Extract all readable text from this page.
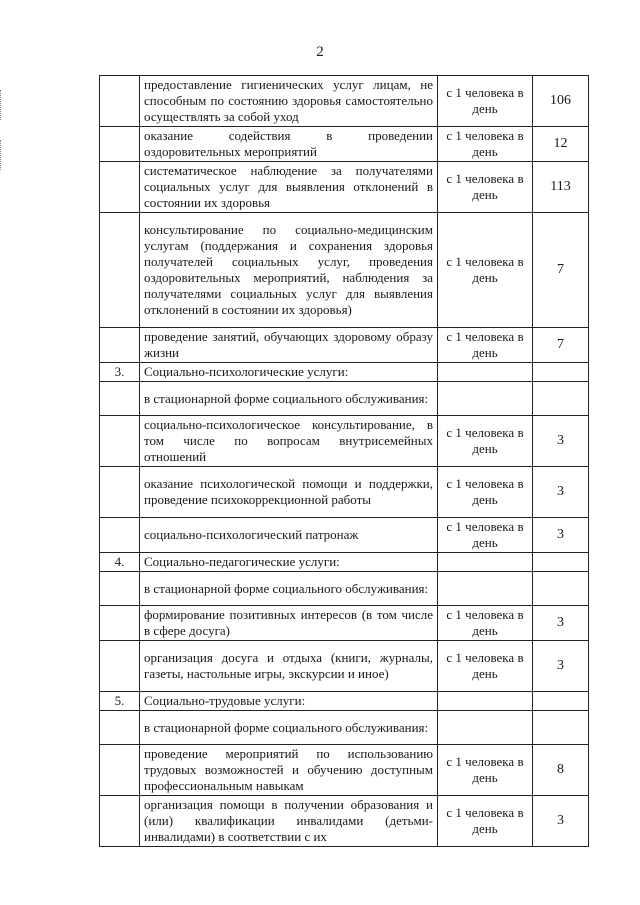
2
	предоставление гигиенических услуг лицам, не способным по состоянию здоровья самостоятельно осуществлять за собой уход	с 1 человека в день	106
	оказание содействия в проведении оздоровительных мероприятий	с 1 человека в день	12
	систематическое наблюдение за получателями социальных услуг для выявления отклонений в состоянии их здоровья	с 1 человека в день	113
	консультирование по социально-медицинским услугам (поддержания и сохранения здоровья получателей социальных услуг, проведения оздоровительных мероприятий, наблюдения за получателями социальных услуг для выявления отклонений в состоянии их здоровья)	с 1 человека в день	7
	проведение занятий, обучающих здоровому образу жизни	с 1 человека в день	7
3.	Социально-психологические услуги:		
	в стационарной форме социального обслуживания:		
	социально-психологическое консультирование, в том числе по вопросам внутрисемейных отношений	с 1 человека в день	3
	оказание психологической помощи и поддержки, проведение психокоррекционной работы	с 1 человека в день	3
	социально-психологический патронаж	с 1 человека в день	3
4.	Социально-педагогические услуги:		
	в стационарной форме социального обслуживания:		
	формирование позитивных интересов (в том числе в сфере досуга)	с 1 человека в день	3
	организация досуга и отдыха (книги, журналы, газеты, настольные игры, экскурсии и иное)	с 1 человека в день	3
5.	Социально-трудовые услуги:		
	в стационарной форме социального обслуживания:		
	проведение мероприятий по использованию трудовых возможностей и обучению доступным профессиональным навыкам	с 1 человека в день	8
	организация помощи в получении образования и (или) квалификации инвалидами (детьми-инвалидами) в соответствии с их	с 1 человека в день	3
